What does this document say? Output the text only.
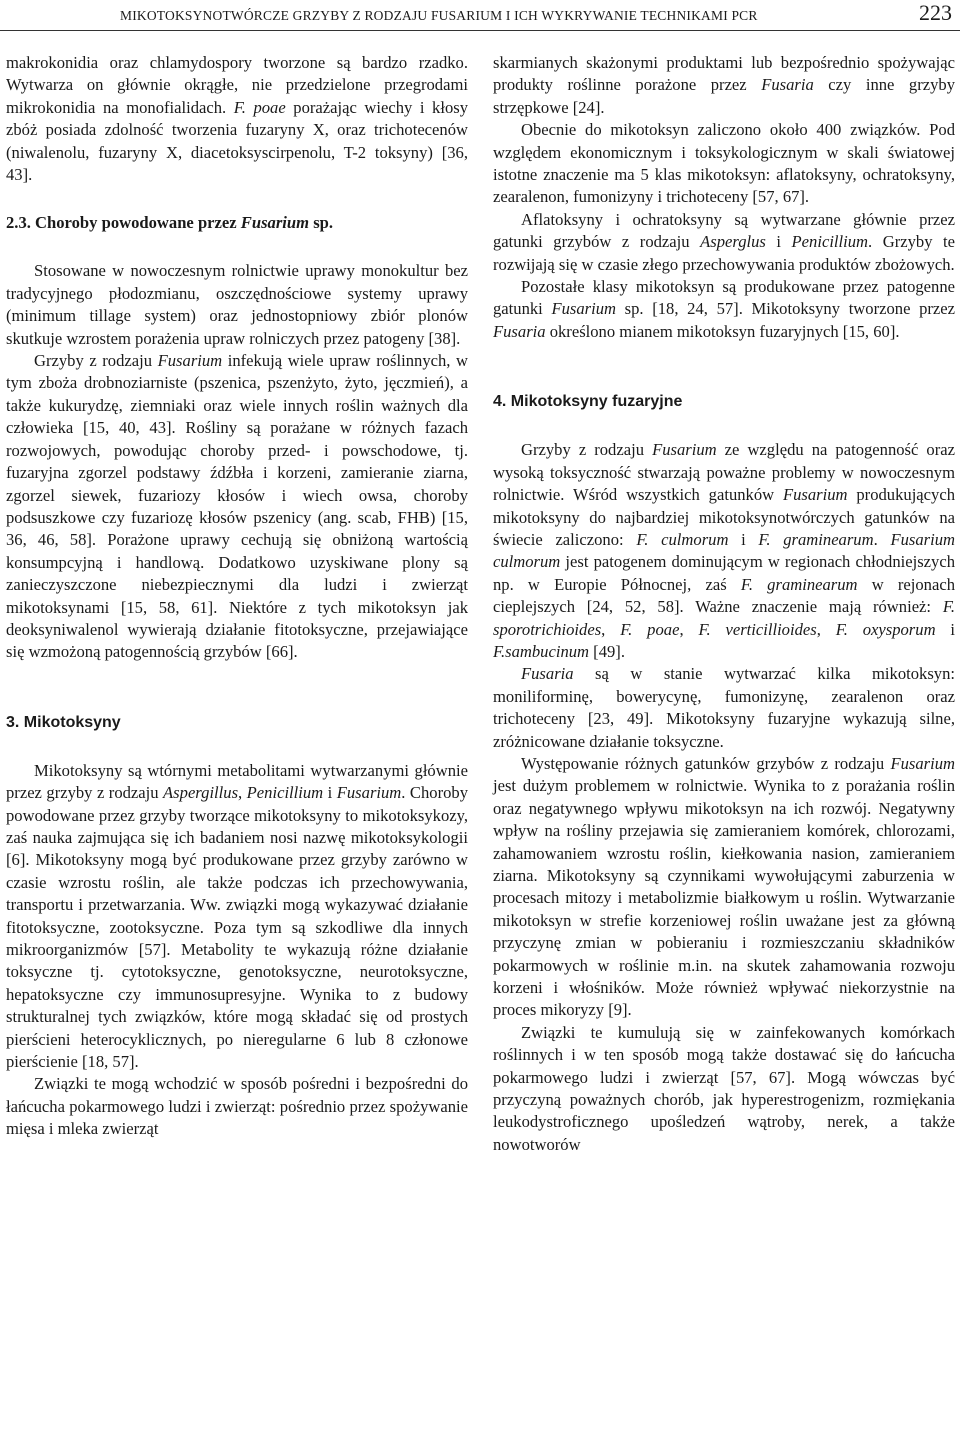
MIKOTOKSYNOTWÓRCZE GRZYBY Z RODZAJU FUSARIUM I ICH WYKRYWANIE TECHNIKAMI PCR	223

makrokonidia oraz chlamydospory tworzone są bardzo rzadko. Wytwarza on głównie okrągłe, nie przedzielone przegrodami mikrokonidia na monofialidach. F. poae porażając wiechy i kłosy zbóż posiada zdolność tworzenia fuzaryny X, oraz trichotecenów (niwalenolu, fuzaryny X, diacetoksyscirpenolu, T-2 toksyny) [36, 43].

2.3. Choroby powodowane przez Fusarium sp.

Stosowane w nowoczesnym rolnictwie uprawy monokultur bez tradycyjnego płodozmianu, oszczędnościowe systemy uprawy (minimum tillage system) oraz jednostopniowy zbiór plonów skutkuje wzrostem porażenia upraw rolniczych przez patogeny [38].

Grzyby z rodzaju Fusarium infekują wiele upraw roślinnych, w tym zboża drobnoziarniste (pszenica, pszenżyto, żyto, jęczmień), a także kukurydzę, ziemniaki oraz wiele innych roślin ważnych dla człowieka [15, 40, 43]. Rośliny są porażane w różnych fazach rozwojowych, powodując choroby przed- i powschodowe, tj. fuzaryjna zgorzel podstawy źdźbła i korzeni, zamieranie ziarna, zgorzel siewek, fuzariozy kłosów i wiech owsa, choroby podsuszkowe czy fuzariozę kłosów pszenicy (ang. scab, FHB) [15, 36, 46, 58]. Porażone uprawy cechują się obniżoną wartością konsumpcyjną i handlową. Dodatkowo uzyskiwane plony są zanieczyszczone niebezpiecznymi dla ludzi i zwierząt mikotoksynami [15, 58, 61]. Niektóre z tych mikotoksyn jak deoksyniwalenol wywierają działanie fitotoksyczne, przejawiające się wzmożoną patogennością grzybów [66].

3. Mikotoksyny

Mikotoksyny są wtórnymi metabolitami wytwarzanymi głównie przez grzyby z rodzaju Aspergillus, Penicillium i Fusarium. Choroby powodowane przez grzyby tworzące mikotoksyny to mikotoksykozy, zaś nauka zajmująca się ich badaniem nosi nazwę mikotoksykologii [6]. Mikotoksyny mogą być produkowane przez grzyby zarówno w czasie wzrostu roślin, ale także podczas ich przechowywania, transportu i przetwarzania. Ww. związki mogą wykazywać działanie fitotoksyczne, zootoksyczne. Poza tym są szkodliwe dla innych mikroorganizmów [57]. Metabolity te wykazują różne działanie toksyczne tj. cytotoksyczne, genotoksyczne, neurotoksyczne, hepatoksyczne czy immunosupresyjne. Wynika to z budowy strukturalnej tych związków, które mogą składać się od prostych pierścieni heterocyklicznych, po nieregularne 6 lub 8 członowe pierścienie [18, 57].

Związki te mogą wchodzić w sposób pośredni i bezpośredni do łańcucha pokarmowego ludzi i zwierząt: pośrednio przez spożywanie mięsa i mleka zwierząt

skarmianych skażonymi produktami lub bezpośrednio spożywając produkty roślinne porażone przez Fusaria czy inne grzyby strzępkowe [24].

Obecnie do mikotoksyn zaliczono około 400 związków. Pod względem ekonomicznym i toksykologicznym w skali światowej istotne znaczenie ma 5 klas mikotoksyn: aflatoksyny, ochratoksyny, zearalenon, fumonizyny i trichoteceny [57, 67].

Aflatoksyny i ochratoksyny są wytwarzane głównie przez gatunki grzybów z rodzaju Asperglus i Penicillium. Grzyby te rozwijają się w czasie złego przechowywania produktów zbożowych.

Pozostałe klasy mikotoksyn są produkowane przez patogenne gatunki Fusarium sp. [18, 24, 57]. Mikotoksyny tworzone przez Fusaria określono mianem mikotoksyn fuzaryjnych [15, 60].

4. Mikotoksyny fuzaryjne

Grzyby z rodzaju Fusarium ze względu na patogenność oraz wysoką toksyczność stwarzają poważne problemy w nowoczesnym rolnictwie. Wśród wszystkich gatunków Fusarium produkujących mikotoksyny do najbardziej mikotoksynotwórczych gatunków na świecie zaliczono: F. culmorum i F. graminearum. Fusarium culmorum jest patogenem dominującym w regionach chłodniejszych np. w Europie Północnej, zaś F. graminearum w rejonach cieplejszych [24, 52, 58]. Ważne znaczenie mają również: F. sporotrichioides, F. poae, F. verticillioides, F. oxysporum i F.sambucinum [49].

Fusaria są w stanie wytwarzać kilka mikotoksyn: moniliforminę, bowerycynę, fumonizynę, zearalenon oraz trichoteceny [23, 49]. Mikotoksyny fuzaryjne wykazują silne, zróżnicowane działanie toksyczne.

Występowanie różnych gatunków grzybów z rodzaju Fusarium jest dużym problemem w rolnictwie. Wynika to z porażania roślin oraz negatywnego wpływu mikotoksyn na ich rozwój. Negatywny wpływ na rośliny przejawia się zamieraniem komórek, chlorozami, zahamowaniem wzrostu roślin, kiełkowania nasion, zamieraniem ziarna. Mikotoksyny są czynnikami wywołującymi zaburzenia w procesach mitozy i metabolizmie białkowym u roślin. Wytwarzanie mikotoksyn w strefie korzeniowej roślin uważane jest za główną przyczynę zmian w pobieraniu i rozmieszczaniu składników pokarmowych w roślinie m.in. na skutek zahamowania rozwoju korzeni i włośników. Może również wpływać niekorzystnie na proces mikoryzy [9].

Związki te kumulują się w zainfekowanych komórkach roślinnych i w ten sposób mogą także dostawać się do łańcucha pokarmowego ludzi i zwierząt [57, 67]. Mogą wówczas być przyczyną poważnych chorób, jak hyperestrogenizm, rozmiękania leukodystroficznego upośledzeń wątroby, nerek, a także nowotworów
